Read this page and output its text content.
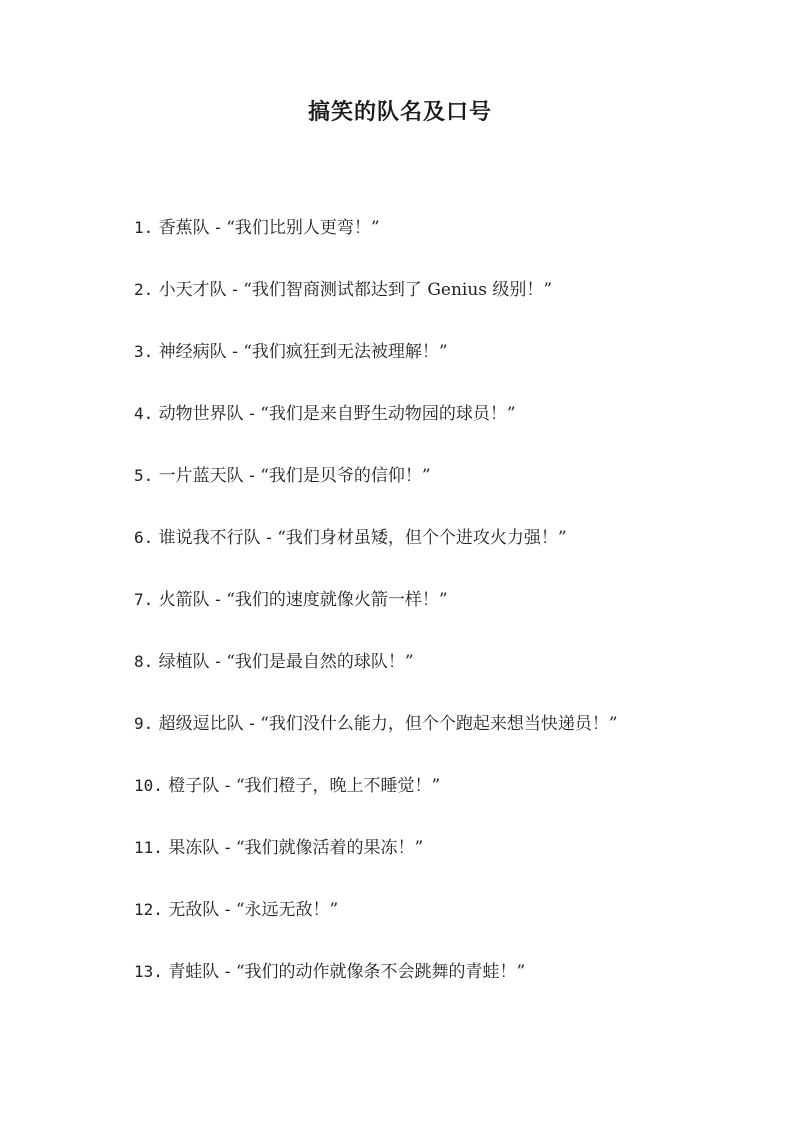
搞笑的队名及口号
1. 香蕉队 - “我们比别人更弯！”
2. 小天才队 - “我们智商测试都达到了 Genius 级别！”
3. 神经病队 - “我们疯狂到无法被理解！”
4. 动物世界队 - “我们是来自野生动物园的球员！”
5. 一片蓝天队 - “我们是贝爷的信仰！”
6. 谁说我不行队 - “我们身材虽矮，但个个进攻火力强！”
7. 火箭队 - “我们的速度就像火箭一样！”
8. 绿植队 - “我们是最自然的球队！”
9. 超级逗比队 - “我们没什么能力，但个个跑起来想当快递员！”
10. 橙子队 - “我们橙子，晚上不睡觉！”
11. 果冻队 - “我们就像活着的果冻！”
12. 无敌队 - “永远无敌！”
13. 青蛙队 - “我们的动作就像条不会跳舞的青蛙！”
